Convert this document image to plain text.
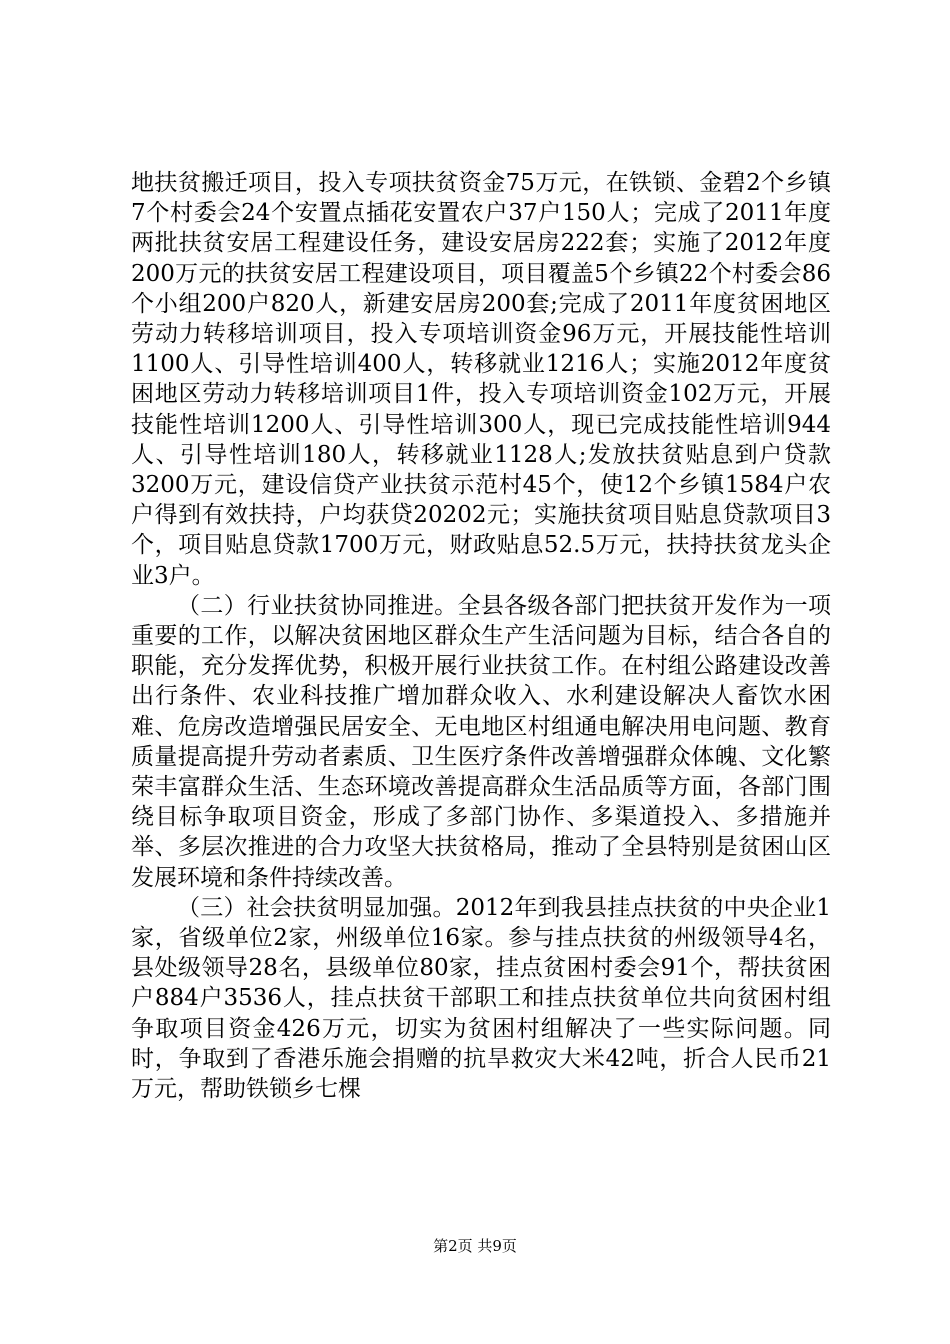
地扶贫搬迁项目，投入专项扶贫资金75万元，在铁锁、金碧2个乡镇7个村委会24个安置点插花安置农户37户150人；完成了2011年度两批扶贫安居工程建设任务，建设安居房222套；实施了2012年度200万元的扶贫安居工程建设项目，项目覆盖5个乡镇22个村委会86个小组200户820人，新建安居房200套;完成了2011年度贫困地区劳动力转移培训项目，投入专项培训资金96万元，开展技能性培训1100人、引导性培训400人，转移就业1216人；实施2012年度贫困地区劳动力转移培训项目1件，投入专项培训资金102万元，开展技能性培训1200人、引导性培训300人，现已完成技能性培训944人、引导性培训180人，转移就业1128人;发放扶贫贴息到户贷款3200万元，建设信贷产业扶贫示范村45个，使12个乡镇1584户农户得到有效扶持，户均获贷20202元；实施扶贫项目贴息贷款项目3个，项目贴息贷款1700万元，财政贴息52.5万元，扶持扶贫龙头企业3户。

（二）行业扶贫协同推进。全县各级各部门把扶贫开发作为一项重要的工作，以解决贫困地区群众生产生活问题为目标，结合各自的职能，充分发挥优势，积极开展行业扶贫工作。在村组公路建设改善出行条件、农业科技推广增加群众收入、水利建设解决人畜饮水困难、危房改造增强民居安全、无电地区村组通电解决用电问题、教育质量提高提升劳动者素质、卫生医疗条件改善增强群众体魄、文化繁荣丰富群众生活、生态环境改善提高群众生活品质等方面，各部门围绕目标争取项目资金，形成了多部门协作、多渠道投入、多措施并举、多层次推进的合力攻坚大扶贫格局，推动了全县特别是贫困山区发展环境和条件持续改善。

（三）社会扶贫明显加强。2012年到我县挂点扶贫的中央企业1家，省级单位2家，州级单位16家。参与挂点扶贫的州级领导4名，县处级领导28名，县级单位80家，挂点贫困村委会91个，帮扶贫困户884户3536人，挂点扶贫干部职工和挂点扶贫单位共向贫困村组争取项目资金426万元，切实为贫困村组解决了一些实际问题。同时，争取到了香港乐施会捐赠的抗旱救灾大米42吨，折合人民币21万元，帮助铁锁乡七棵

第2页 共9页
